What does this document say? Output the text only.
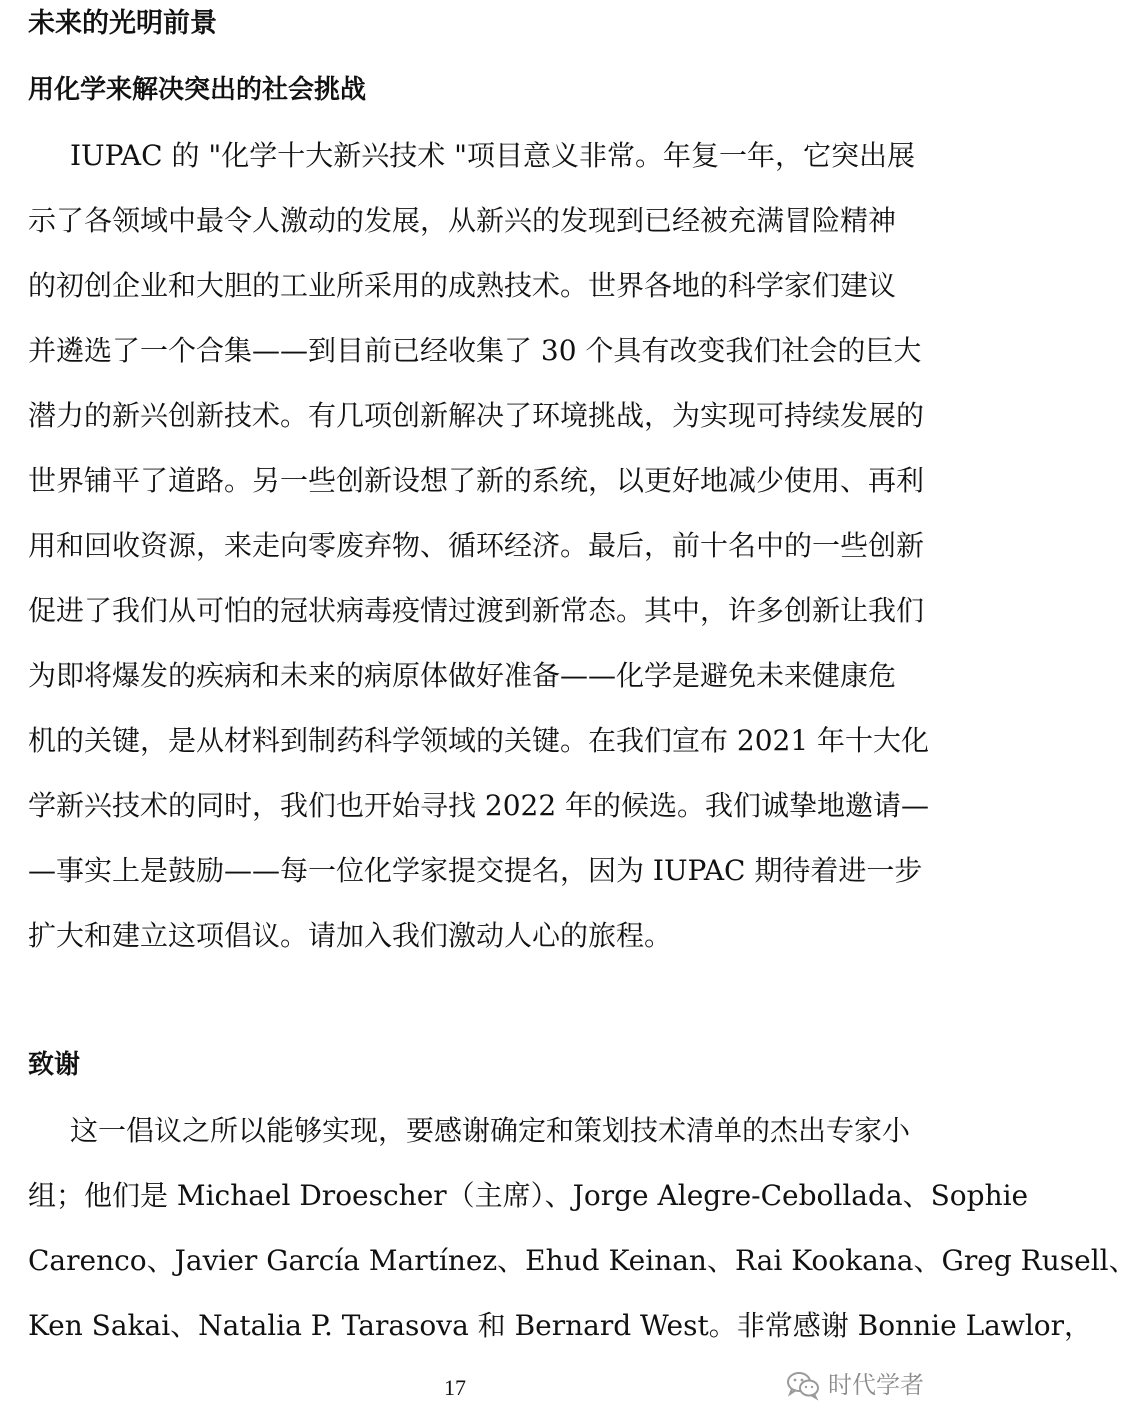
未来的光明前景
用化学来解决突出的社会挑战
IUPAC 的 "化学十大新兴技术 "项目意义非常。年复一年，它突出展
示了各领域中最令人激动的发展，从新兴的发现到已经被充满冒险精神
的初创企业和大胆的工业所采用的成熟技术。世界各地的科学家们建议
并遴选了一个合集——到目前已经收集了 30 个具有改变我们社会的巨大
潜力的新兴创新技术。有几项创新解决了环境挑战，为实现可持续发展的
世界铺平了道路。另一些创新设想了新的系统，以更好地减少使用、再利
用和回收资源，来走向零废弃物、循环经济。最后，前十名中的一些创新
促进了我们从可怕的冠状病毒疫情过渡到新常态。其中，许多创新让我们
为即将爆发的疾病和未来的病原体做好准备——化学是避免未来健康危
机的关键，是从材料到制药科学领域的关键。在我们宣布 2021 年十大化
学新兴技术的同时，我们也开始寻找 2022 年的候选。我们诚挚地邀请—
—事实上是鼓励——每一位化学家提交提名，因为 IUPAC 期待着进一步
扩大和建立这项倡议。请加入我们激动人心的旅程。
致谢
这一倡议之所以能够实现，要感谢确定和策划技术清单的杰出专家小
组；他们是 Michael Droescher（主席）、Jorge Alegre-Cebollada、Sophie
Carenco、Javier García Martínez、Ehud Keinan、Rai Kookana、Greg Rusell、
Ken Sakai、Natalia P. Tarasova 和 Bernard West。非常感谢 Bonnie Lawlor，
17	时代学者
